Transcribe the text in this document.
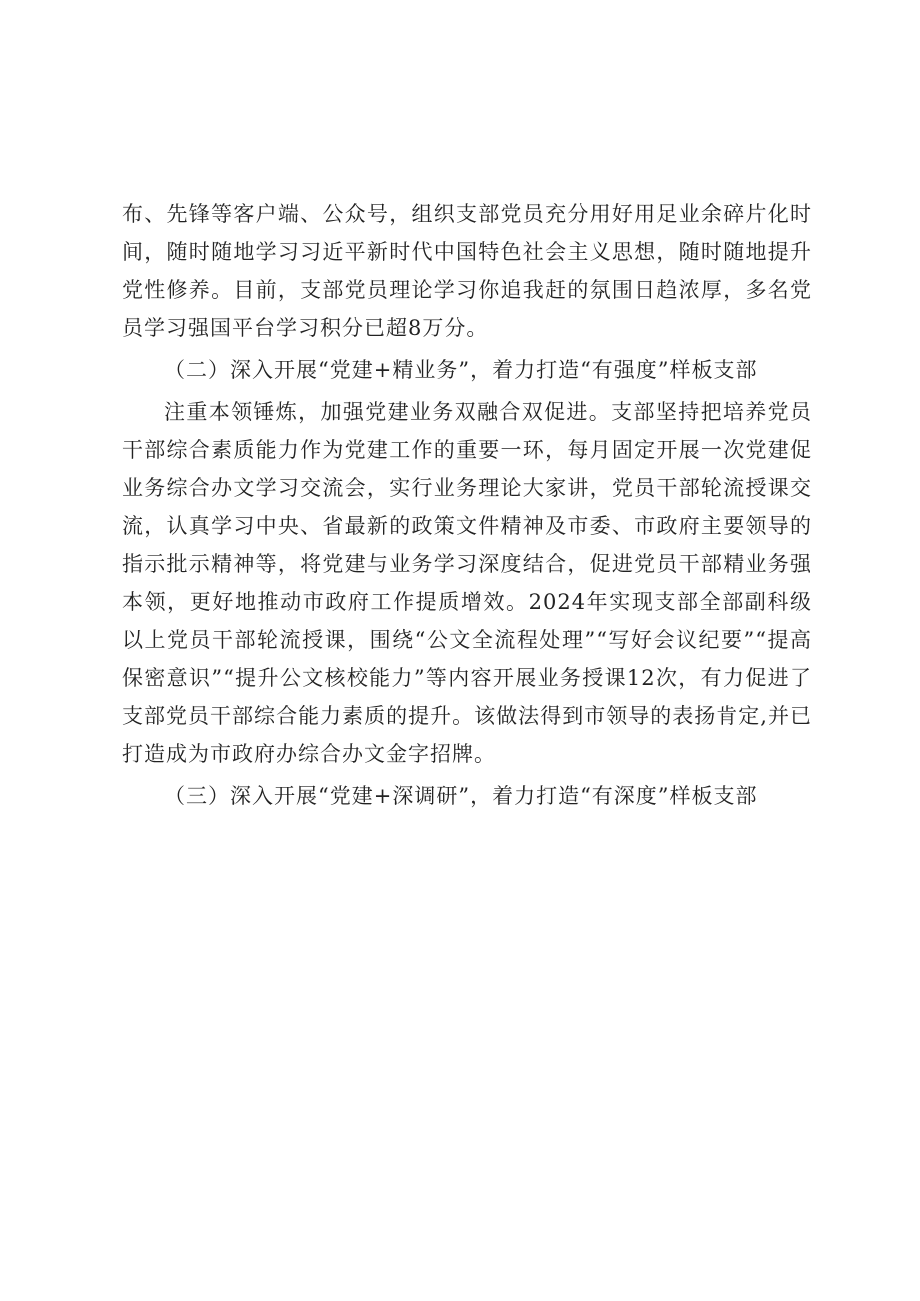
布、先锋等客户端、公众号，组织支部党员充分用好用足业余碎片化时间，随时随地学习习近平新时代中国特色社会主义思想，随时随地提升党性修养。目前，支部党员理论学习你追我赶的氛围日趋浓厚，多名党员学习强国平台学习积分已超8万分。

（二）深入开展“党建+精业务”，着力打造“有强度”样板支部

注重本领锤炼，加强党建业务双融合双促进。支部坚持把培养党员干部综合素质能力作为党建工作的重要一环，每月固定开展一次党建促业务综合办文学习交流会，实行业务理论大家讲，党员干部轮流授课交流，认真学习中央、省最新的政策文件精神及市委、市政府主要领导的指示批示精神等，将党建与业务学习深度结合，促进党员干部精业务强本领，更好地推动市政府工作提质增效。2024年实现支部全部副科级以上党员干部轮流授课，围绕“公文全流程处理”“写好会议纪要”“提高保密意识”“提升公文核校能力”等内容开展业务授课12次，有力促进了支部党员干部综合能力素质的提升。该做法得到市领导的表扬肯定,并已打造成为市政府办综合办文金字招牌。

（三）深入开展“党建+深调研”，着力打造“有深度”样板支部
